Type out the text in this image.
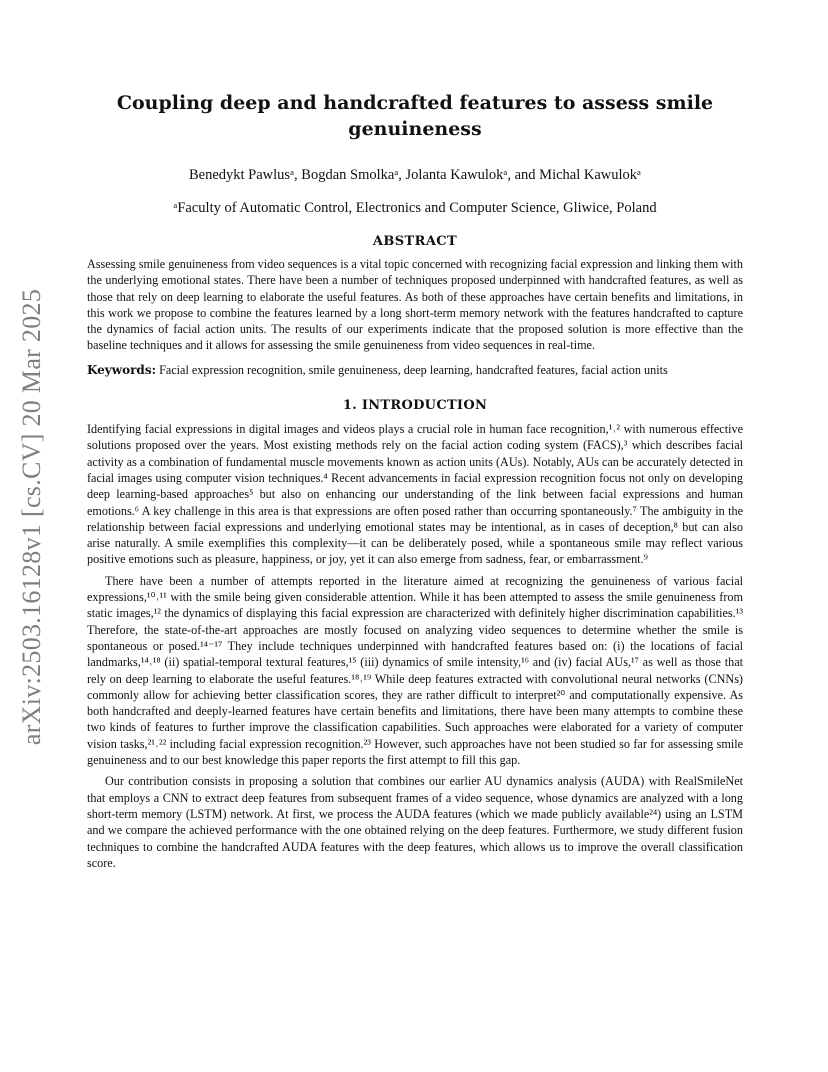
arXiv:2503.16128v1 [cs.CV] 20 Mar 2025
Coupling deep and handcrafted features to assess smile genuineness
Benedykt Pawlusᵃ, Bogdan Smolkaᵃ, Jolanta Kawulokᵃ, and Michal Kawulokᵃ
ᵃFaculty of Automatic Control, Electronics and Computer Science, Gliwice, Poland
ABSTRACT

Assessing smile genuineness from video sequences is a vital topic concerned with recognizing facial expression and linking them with the underlying emotional states. There have been a number of techniques proposed underpinned with handcrafted features, as well as those that rely on deep learning to elaborate the useful features. As both of these approaches have certain benefits and limitations, in this work we propose to combine the features learned by a long short-term memory network with the features handcrafted to capture the dynamics of facial action units. The results of our experiments indicate that the proposed solution is more effective than the baseline techniques and it allows for assessing the smile genuineness from video sequences in real-time.

Keywords: Facial expression recognition, smile genuineness, deep learning, handcrafted features, facial action units

1. INTRODUCTION

Identifying facial expressions in digital images and videos plays a crucial role in human face recognition,¹˒² with numerous effective solutions proposed over the years. Most existing methods rely on the facial action coding system (FACS),³ which describes facial activity as a combination of fundamental muscle movements known as action units (AUs). Notably, AUs can be accurately detected in facial images using computer vision techniques.⁴ Recent advancements in facial expression recognition focus not only on developing deep learning-based approaches⁵ but also on enhancing our understanding of the link between facial expressions and human emotions.⁶ A key challenge in this area is that expressions are often posed rather than occurring spontaneously.⁷ The ambiguity in the relationship between facial expressions and underlying emotional states may be intentional, as in cases of deception,⁸ but can also arise naturally. A smile exemplifies this complexity—it can be deliberately posed, while a spontaneous smile may reflect various positive emotions such as pleasure, happiness, or joy, yet it can also emerge from sadness, fear, or embarrassment.⁹

There have been a number of attempts reported in the literature aimed at recognizing the genuineness of various facial expressions,¹⁰˒¹¹ with the smile being given considerable attention. While it has been attempted to assess the smile genuineness from static images,¹² the dynamics of displaying this facial expression are characterized with definitely higher discrimination capabilities.¹³ Therefore, the state-of-the-art approaches are mostly focused on analyzing video sequences to determine whether the smile is spontaneous or posed.¹⁴⁻¹⁷ They include techniques underpinned with handcrafted features based on: (i) the locations of facial landmarks,¹⁴˒¹⁸ (ii) spatial-temporal textural features,¹⁵ (iii) dynamics of smile intensity,¹⁶ and (iv) facial AUs,¹⁷ as well as those that rely on deep learning to elaborate the useful features.¹⁸˒¹⁹ While deep features extracted with convolutional neural networks (CNNs) commonly allow for achieving better classification scores, they are rather difficult to interpret²⁰ and computationally expensive. As both handcrafted and deeply-learned features have certain benefits and limitations, there have been many attempts to combine these two kinds of features to further improve the classification capabilities. Such approaches were elaborated for a variety of computer vision tasks,²¹˒²² including facial expression recognition.²³ However, such approaches have not been studied so far for assessing smile genuineness and to our best knowledge this paper reports the first attempt to fill this gap.

Our contribution consists in proposing a solution that combines our earlier AU dynamics analysis (AUDA) with RealSmileNet that employs a CNN to extract deep features from subsequent frames of a video sequence, whose dynamics are analyzed with a long short-term memory (LSTM) network. At first, we process the AUDA features (which we made publicly available²⁴) using an LSTM and we compare the achieved performance with the one obtained relying on the deep features. Furthermore, we study different fusion techniques to combine the handcrafted AUDA features with the deep features, which allows us to improve the overall classification score.
